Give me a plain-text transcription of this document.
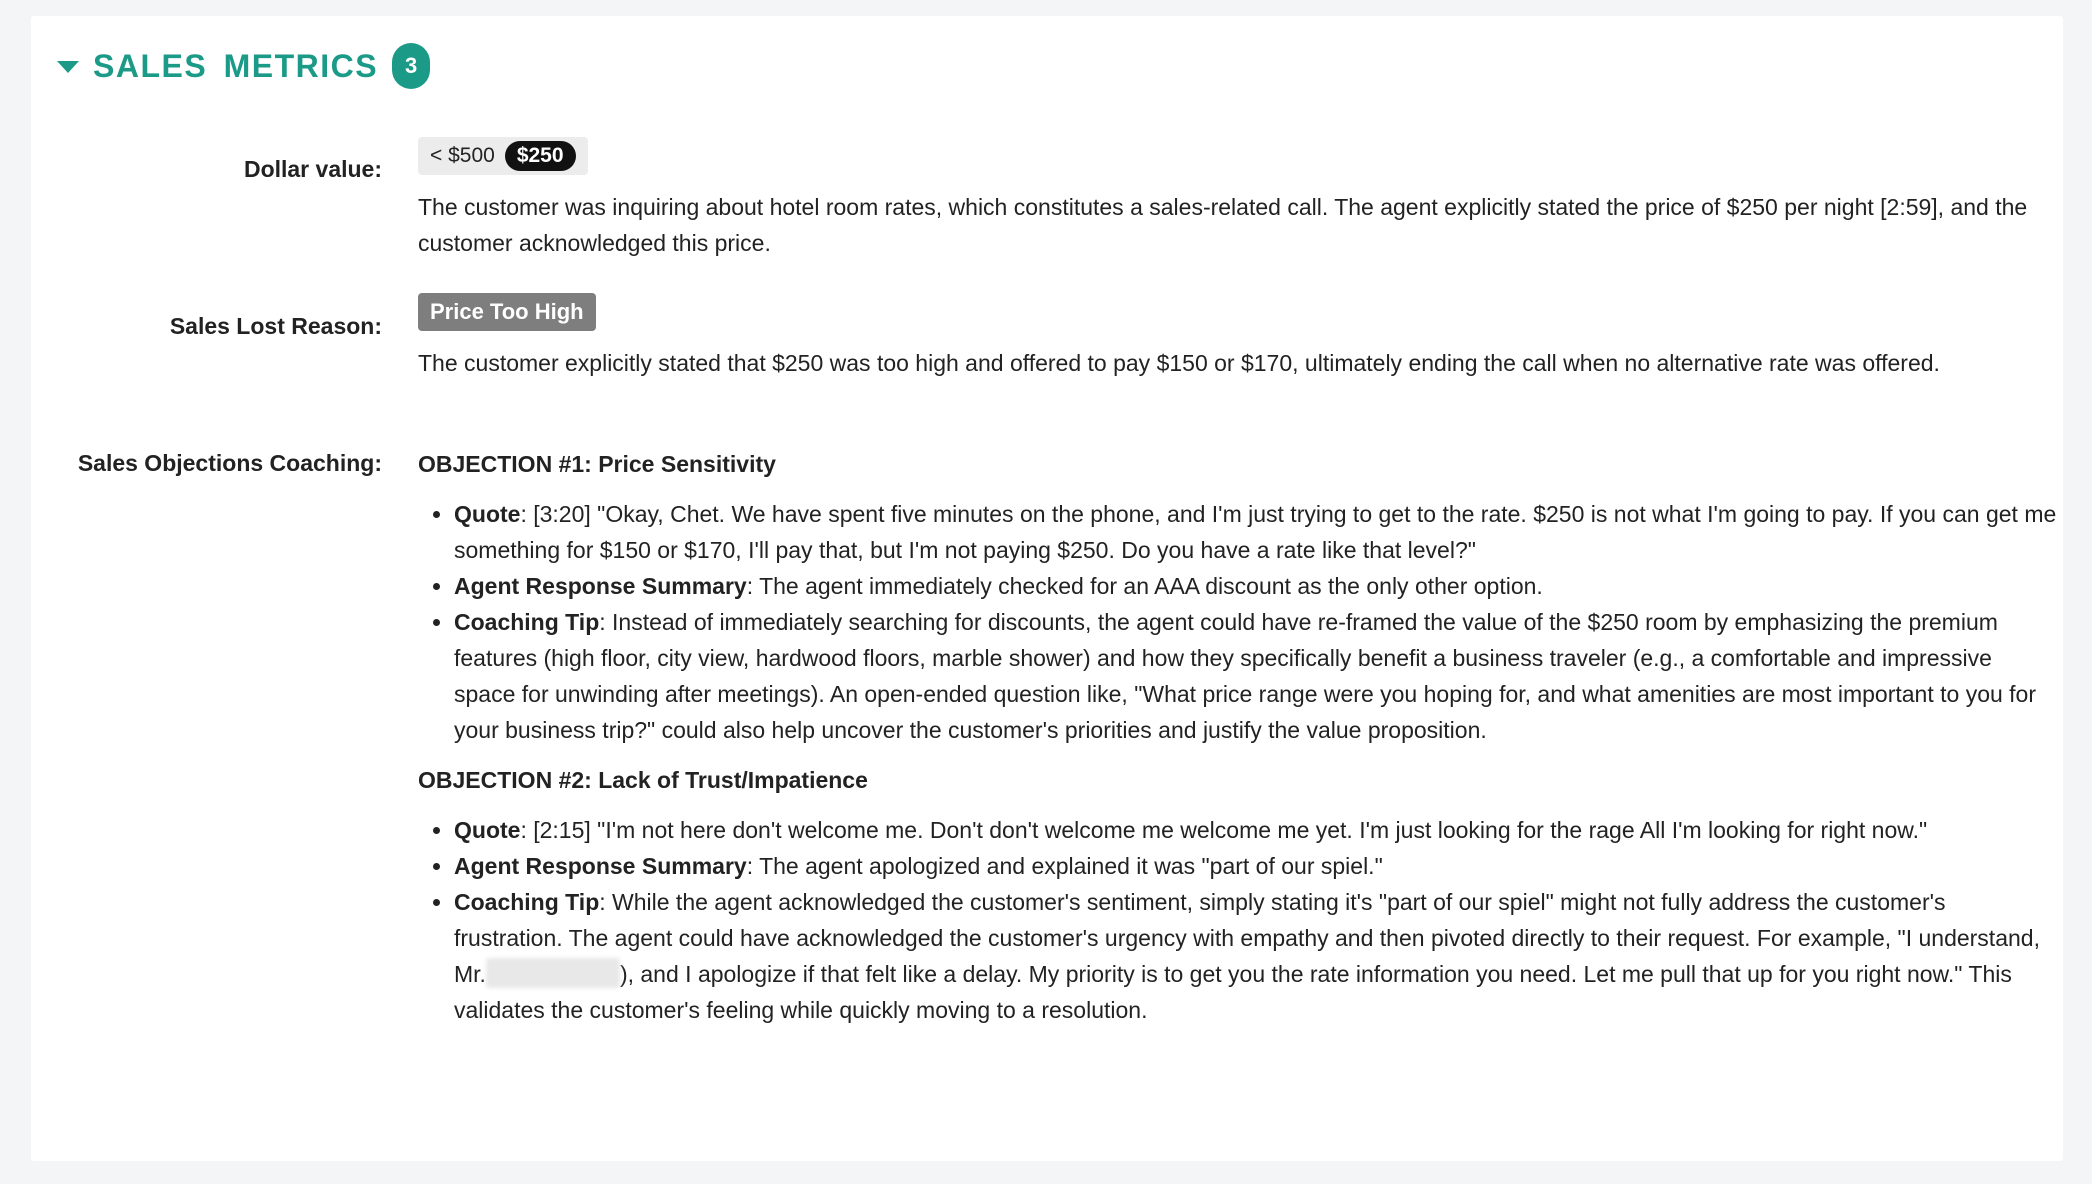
SALES METRICS	3
Dollar value:
< $500	$250

The customer was inquiring about hotel room rates, which constitutes a sales-related call. The agent explicitly stated the price of $250 per night [2:59], and the customer acknowledged this price.

Sales Lost Reason:
Price Too High

The customer explicitly stated that $250 was too high and offered to pay $150 or $170, ultimately ending the call when no alternative rate was offered.

Sales Objections Coaching: OBJECTION #1: Price Sensitivity

• Quote: [3:20] "Okay, Chet. We have spent five minutes on the phone, and I'm just trying to get to the rate. $250 is not what I'm going to pay. If you can get me something for $150 or $170, I'll pay that, but I'm not paying $250. Do you have a rate like that level?"
• Agent Response Summary: The agent immediately checked for an AAA discount as the only other option.
• Coaching Tip: Instead of immediately searching for discounts, the agent could have re-framed the value of the $250 room by emphasizing the premium features (high floor, city view, hardwood floors, marble shower) and how they specifically benefit a business traveler (e.g., a comfortable and impressive space for unwinding after meetings). An open-ended question like, "What price range were you hoping for, and what amenities are most important to you for your business trip?" could also help uncover the customer's priorities and justify the value proposition.

OBJECTION #2: Lack of Trust/Impatience

• Quote: [2:15] "I'm not here don't welcome me. Don't don't welcome me welcome me yet. I'm just looking for the rage All I'm looking for right now."
• Agent Response Summary: The agent apologized and explained it was "part of our spiel."
• Coaching Tip: While the agent acknowledged the customer's sentiment, simply stating it's "part of our spiel" might not fully address the customer's frustration. The agent could have acknowledged the customer's urgency with empathy and then pivoted directly to their request. For example, "I understand, Mr.	), and I apologize if that felt like a delay. My priority is to get you the rate information you need. Let me pull that up for you right now." This validates the customer's feeling while quickly moving to a resolution.
